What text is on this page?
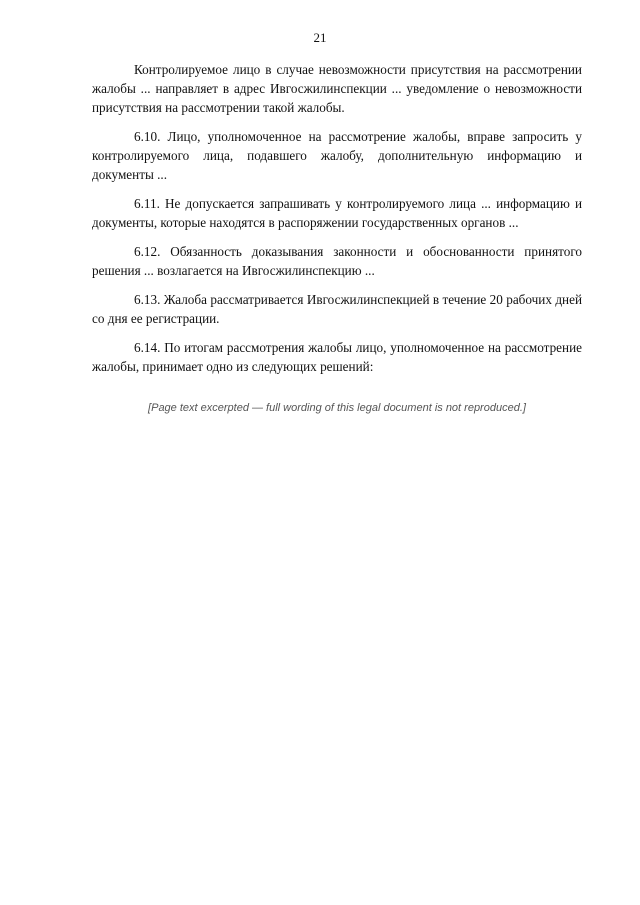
21

Контролируемое лицо в случае невозможности присутствия на рассмотрении жалобы ... направляет в адрес Ивгосжилинспекции ... уведомление о невозможности присутствия на рассмотрении такой жалобы.

6.10. Лицо, уполномоченное на рассмотрение жалобы, вправе запросить у контролируемого лица, подавшего жалобу, дополнительную информацию и документы ...

6.11. Не допускается запрашивать у контролируемого лица ... информацию и документы, которые находятся в распоряжении государственных органов ...

6.12. Обязанность доказывания законности и обоснованности принятого решения ... возлагается на Ивгосжилинспекцию ...

6.13. Жалоба рассматривается Ивгосжилинспекцией в течение 20 рабочих дней со дня ее регистрации.

6.14. По итогам рассмотрения жалобы лицо, уполномоченное на рассмотрение жалобы, принимает одно из следующих решений:

[Page text excerpted — full wording of this legal document is not reproduced.]
